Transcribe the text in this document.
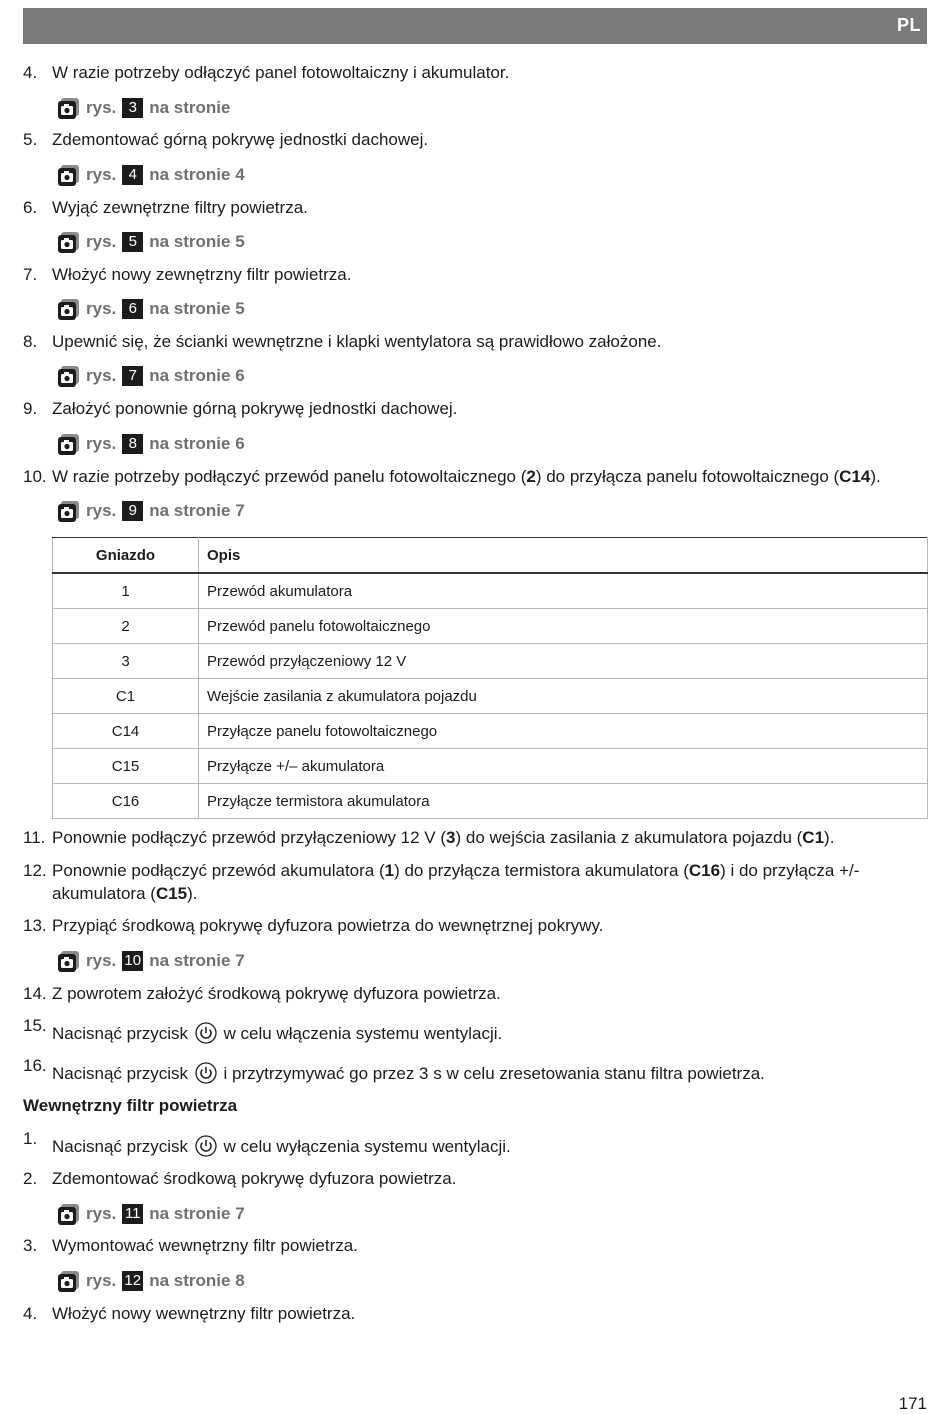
PL
4. W razie potrzeby odłączyć panel fotowoltaiczny i akumulator.
rys. 3 na stronie
5. Zdemontować górną pokrywę jednostki dachowej.
rys. 4 na stronie 4
6. Wyjąć zewnętrzne filtry powietrza.
rys. 5 na stronie 5
7. Włożyć nowy zewnętrzny filtr powietrza.
rys. 6 na stronie 5
8. Upewnić się, że ścianki wewnętrzne i klapki wentylatora są prawidłowo założone.
rys. 7 na stronie 6
9. Założyć ponownie górną pokrywę jednostki dachowej.
rys. 8 na stronie 6
10. W razie potrzeby podłączyć przewód panelu fotowoltaicznego (2) do przyłącza panelu fotowoltaicznego (C14).
rys. 9 na stronie 7
Gniazdo	Opis
1	Przewód akumulatora
2	Przewód panelu fotowoltaicznego
3	Przewód przyłączeniowy 12 V
C1	Wejście zasilania z akumulatora pojazdu
C14	Przyłącze panelu fotowoltaicznego
C15	Przyłącze +/– akumulatora
C16	Przyłącze termistora akumulatora
11. Ponownie podłączyć przewód przyłączeniowy 12 V (3) do wejścia zasilania z akumulatora pojazdu (C1).
12. Ponownie podłączyć przewód akumulatora (1) do przyłącza termistora akumulatora (C16) i do przyłącza +/-
akumulatora (C15).
13. Przypiąć środkową pokrywę dyfuzora powietrza do wewnętrznej pokrywy.
rys. 10 na stronie 7
14. Z powrotem założyć środkową pokrywę dyfuzora powietrza.
15. Nacisnąć przycisk w celu włączenia systemu wentylacji.
16. Nacisnąć przycisk i przytrzymywać go przez 3 s w celu zresetowania stanu filtra powietrza.
Wewnętrzny filtr powietrza
1. Nacisnąć przycisk w celu wyłączenia systemu wentylacji.
2. Zdemontować środkową pokrywę dyfuzora powietrza.
rys. 11 na stronie 7
3. Wymontować wewnętrzny filtr powietrza.
rys. 12 na stronie 8
4. Włożyć nowy wewnętrzny filtr powietrza.
171
